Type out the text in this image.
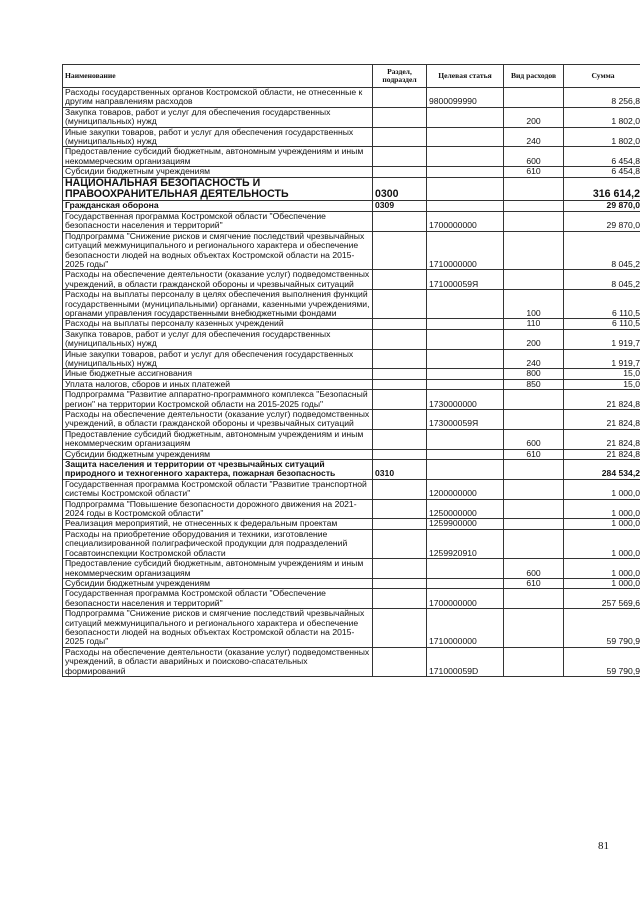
Наименование	Раздел, подраздел	Целевая статья	Вид расходов	Сумма
Расходы государственных органов Костромской области, не отнесенные к другим направлениям расходов		9800099990		8 256,8
Закупка товаров, работ и услуг для обеспечения государственных (муниципальных) нужд			200	1 802,0
Иные закупки товаров, работ и услуг для обеспечения государственных (муниципальных) нужд			240	1 802,0
Предоставление субсидий бюджетным, автономным учреждениям и иным некоммерческим организациям			600	6 454,8
Субсидии бюджетным учреждениям			610	6 454,8
НАЦИОНАЛЬНАЯ БЕЗОПАСНОСТЬ И ПРАВООХРАНИТЕЛЬНАЯ ДЕЯТЕЛЬНОСТЬ	0300			316 614,2
Гражданская оборона	0309			29 870,0
Государственная программа Костромской области "Обеспечение безопасности населения и территорий"		1700000000		29 870,0
Подпрограмма "Снижение рисков и смягчение последствий чрезвычайных ситуаций межмуниципального и регионального характера и обеспечение безопасности людей на водных объектах Костромской области на 2015-2025 годы"		1710000000		8 045,2
Расходы на обеспечение деятельности (оказание услуг) подведомственных учреждений, в области гражданской обороны и чрезвычайных ситуаций		171000059Я		8 045,2
Расходы на выплаты персоналу в целях обеспечения выполнения функций государственными (муниципальными) органами, казенными учреждениями, органами управления государственными внебюджетными фондами			100	6 110,5
Расходы на выплаты персоналу казенных учреждений			110	6 110,5
Закупка товаров, работ и услуг для обеспечения государственных (муниципальных) нужд			200	1 919,7
Иные закупки товаров, работ и услуг для обеспечения государственных (муниципальных) нужд			240	1 919,7
Иные бюджетные ассигнования			800	15,0
Уплата налогов, сборов и иных платежей			850	15,0
Подпрограмма "Развитие аппаратно-программного комплекса "Безопасный регион" на территории Костромской области на 2015-2025 годы"		1730000000		21 824,8
Расходы на обеспечение деятельности (оказание услуг) подведомственных учреждений, в области гражданской обороны и чрезвычайных ситуаций		173000059Я		21 824,8
Предоставление субсидий бюджетным, автономным учреждениям и иным некоммерческим организациям			600	21 824,8
Субсидии бюджетным учреждениям			610	21 824,8
Защита населения и территории от чрезвычайных ситуаций природного и техногенного характера, пожарная безопасность	0310			284 534,2
Государственная программа Костромской области "Развитие транспортной системы Костромской области"		1200000000		1 000,0
Подпрограмма "Повышение безопасности дорожного движения на 2021-2024 годы в Костромской области"		1250000000		1 000,0
Реализация мероприятий, не отнесенных к федеральным проектам		1259900000		1 000,0
Расходы на приобретение оборудования и техники, изготовление специализированной полиграфической продукции для подразделений Госавтоинспекции Костромской области		1259920910		1 000,0
Предоставление субсидий бюджетным, автономным учреждениям и иным некоммерческим организациям			600	1 000,0
Субсидии бюджетным учреждениям			610	1 000,0
Государственная программа Костромской области "Обеспечение безопасности населения и территорий"		1700000000		257 569,6
Подпрограмма "Снижение рисков и смягчение последствий чрезвычайных ситуаций межмуниципального и регионального характера и обеспечение безопасности людей на водных объектах Костромской области на 2015-2025 годы"		1710000000		59 790,9
Расходы на обеспечение деятельности (оказание услуг) подведомственных учреждений, в области аварийных и поисково-спасательных формирований		171000059D		59 790,9
81
